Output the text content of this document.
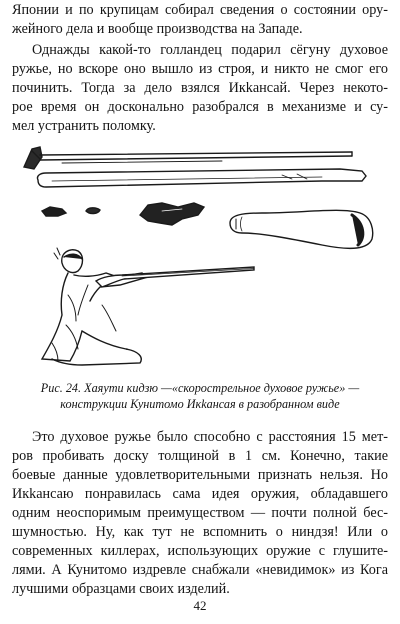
Японии и по крупицам собирал сведения о состоянии ору-
жейного дела и вообще производства на Западе.
Однажды какой-то голландец подарил сёгуну духовое
ружье, но вскоре оно вышло из строя, и никто не смог его
починить. Тогда за дело взялся Икkансай. Через некото-
рое время он досконально разобрался в механизме и су-
мел устранить поломку.
Рис. 24. Хаяути кидзю —«скорострельное духовое ружье» —
конструкции Кунитомо Икkансая в разобранном виде
Это духовое ружье было способно с расстояния 15 мет-
ров пробивать доску толщиной в 1 см. Конечно, такие
боевые данные удовлетворительными признать нельзя. Но
Икkансаю понравилась сама идея оружия, обладавшего
одним неоспоримым преимуществом — почти полной бес-
шумностью. Ну, как тут не вспомнить о ниндзя! Или о
современных киллерах, использующих оружие с глушите-
лями. А Кунитомо издревле снабжали «невидимок» из Кога
лучшими образцами своих изделий.
42
